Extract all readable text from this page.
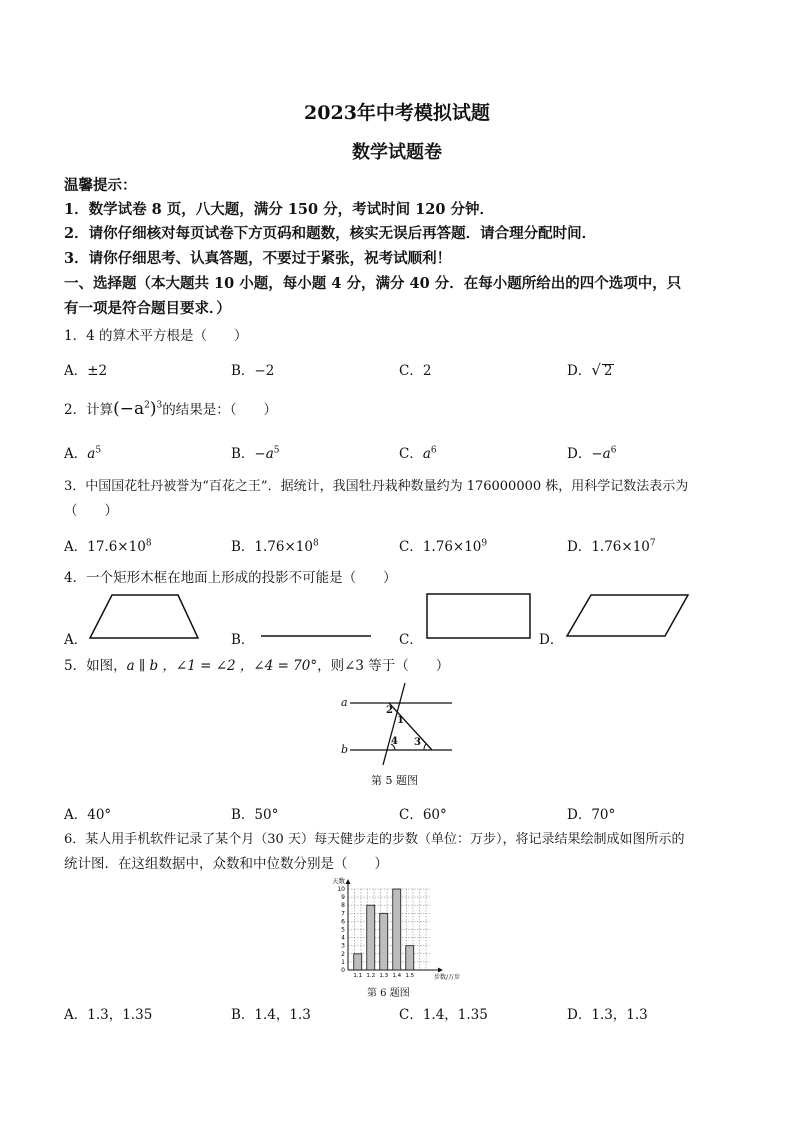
2023年中考模拟试题
数学试题卷
温馨提示：
1．数学试卷 8 页，八大题，满分 150 分，考试时间 120 分钟．
2．请你仔细核对每页试卷下方页码和题数，核实无误后再答题．请合理分配时间．
3．请你仔细思考、认真答题，不要过于紧张，祝考试顺利！
一、选择题（本大题共 10 小题，每小题 4 分，满分 40 分．在每小题所给出的四个选项中，只
有一项是符合题目要求．）
1．4 的算术平方根是（　　）
A．±2	B．−2	C．2	D．√ 2
2．计算$(-a^2)^3$的结果是：（　　）
A．$a^5$	B．$-a^5$	C．$a^6$	D．$-a^6$
3．中国国花牡丹被誉为“百花之王”．据统计，我国牡丹栽种数量约为 176000000 株，用科学记数法表示为
（　　）
A．$17.6\times 10^8$	B．$1.76\times 10^8$	C．$1.76\times 10^9$	D．$1.76\times 10^7$
4．一个矩形木框在地面上形成的投影不可能是（　　）
A．	B．	C．	D．
5．如图，a ∥ b ，∠1 = ∠2 ，∠4 = 70°，则∠3 等于（　　）
a
b
2
1
4 3
第 5 题图
A．40°	B．50°	C．60°	D．70°
6．某人用手机软件记录了某个月（30 天）每天健步走的步数（单位：万步），将记录结果绘制成如图所示的
统计图．在这组数据中，众数和中位数分别是（　　）
0
1
2
3
4
5
6
7
8
9
10
1.1 1.2 1.3 1.4 1.5
天数
步数/万步
第 6 题图
A．1.3，1.35	B．1.4，1.3	C．1.4，1.35	D．1.3，1.3
